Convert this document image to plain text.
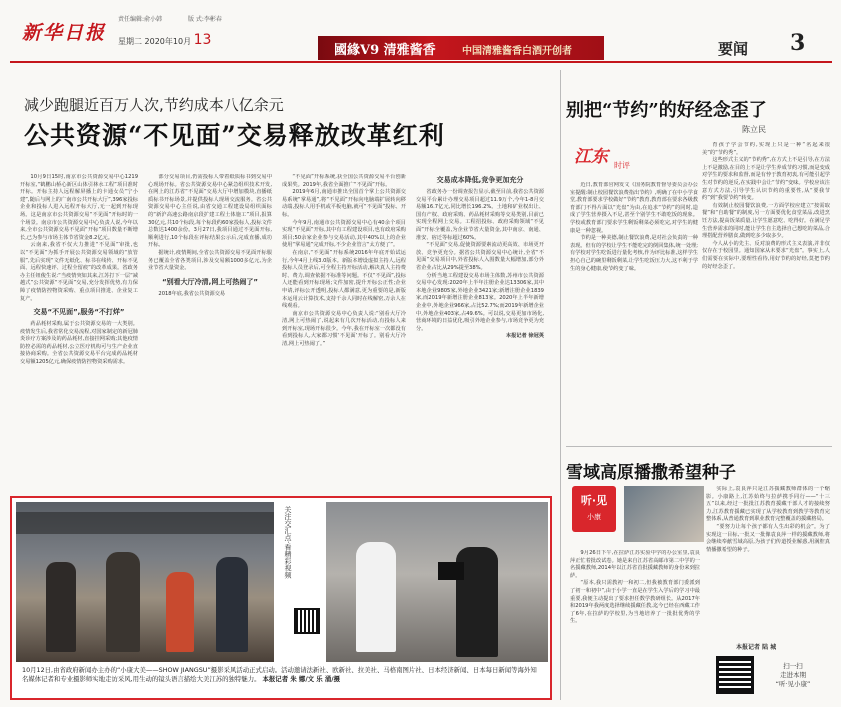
新华日报
责任编辑:俞小韩	版 式:李彬春
星期二 2020年10月 13
國緣V9 清雅酱香	中国清雅酱香白酒开创者	要闻 3
减少跑腿近百万人次,节约成本八亿余元
公共资源“不见面”交易释放改革红利

10月9日15时,南京市公共资源交易中心1219开标室,“鹤鹏山桥心新区山体引林水工程”项目准时开标。开标主持人远程解屏播上的卡通女员“宁小建”,随后与网上的广南市公共开标大厅”,396家投标企业和投标人进入远程开标大厅,无一起到开标现场。这是南京市公共资源交易“不见面”开标时的一个场景。南京市公共资源交易中心负责人说,今年以来,全市公共资源交易不见面“开标”项目数量不断增长,已为参与市场主体节省资金8.2亿元。

云南来,我省不仅大力推进“不见面”审批,也以“不见面”为抓手开展公共资源交易领域的“放管服”,先后实现“文件无纸化、标书在线传、开标不见面、远程快速评、过程全留痕”的改革成果。省政务办主任钮俊生说:“当疫情突如其来,江苏打下一层“减越式”公共资源“不见面”交易,充分发挥优势,有力保障了疫情防控物资采购、重点项目推进、企业复工复产。

交易“不见面”,服务“不打烊”

药品耗材采购,属于公共资源交易的一大类别。疫情发生后,我省常化交易流程,对国家制定的新冠肺炎诊疗方案涉及的药品耗材,直接挂网采购;其他疫情防控必需的药品耗材,公立医疗机构可与生产企业直接协商采购。全省公共资源交易平台完成药品耗材交易额1205亿元,确保疫情防控物资采购需求。

部分交易项目,仍需投标人带着纸质标书到交易中心现场开标。省公共资源交易中心紧急组织技术开发,在网上的江苏省“不见面”交易大厅中增加模块,直播纸质标书开标场景,并提供投标人现场交流服务。省公共资源交易中心主任说,由省交通工程建设局组织面标的“新沪高速公路南京段扩建工程土体施工”项目,报算30亿元,共10个标段,每个标段约60家投标人,投标文件总数达1400余份。3月27日,我项目通过不见面开标,顺利进行,10个标段在评标结果公示后,完成直播,成功开标。

据统计,疫情期间,全省公共资源交易不见面开标服务已覆盖全省各类项目,涉及交易额1000多亿元,为企业节省大量资金。

“别看大厅冷清,网上可热闹了”

2018年底,我省公共资源交易

“不见面”开标系统,获全国公共资源交易平台创新成果奖。2019年,我省全面推广“不见面”开标。

2019年6月,南通市推出全国首个掌上公共资源交易系统“掌易通”,将“不见面”开标向电脑端扩展转向移动端,投标人用手机或平板电脑,就可“不见面”投标、开标。

今年9月,南通市公共资源交易中心有40余个项目实现“不见面”开标,其中有工程建设项目,也有政府采购项目;50余家企业参与交易活动,其中40%以上的企业使用“掌易通”完成开标,不少企业管言“太方便了”。

在南京,“不见面”开标系统2016年年底开始试运行,今年4月上线3.0版本。新版本增设虚拟主持人,远程投标人员登录后,可全程主持开标活动,解决真人主持费时、费力,调查依据不标准等问题。不仅“不见面”,投标人还能看到开标现场;文件加密,提升开标公正性;企业申请,评标公开透明,投标人都满意,更为重要的是,新版本运用云计算技术,支持千余人同时在线解密,万余人在线观看。

南京市公共资源交易中心负责人说:“别看大厅冷清,网上可热闹了,说起来有几次开标活动,有投标人来到开标室,现场开标很少。今年,我在开标室一次都没有看到投标人,大家都习惯‘不见面’开标了。别看大厅冷清,网上可热闹了。”

交易成本降低,竞争更加充分

省政务办一份调查报告显示,截至目前,我省公共资源交易平台累计办理交易项目超过11.9万个,今年1-8月交易额16.7亿元,同比增长196.2%。土地和矿业权出让、国有产权、政府采购、药品耗材采购等交易类别,目前已实现全程网上交易。工程招投标、政府采购领域“不见面”开标全覆盖,为企业节省大量资金,其中南京、南通、淮安、宿迁等标超过60%。

“不见面”交易,促使资源要素流动更高效、市场更开放、竞争更充分。据省公共资源交易中心统计,全省“不见面”交易项目中,外省投标人入围数量大幅增加,部分外省企业占比从29%提至38%。

分析当地工程建设交易市场主体数,苏州市公共资源交易中心发现:2020年上半年注册企业达13306家,其中本地企业9805家,外地企业3421家;新增注册企业1839家,而2019年新增注册企业813家。2020年上半年新增企业中,外地企业966家,占比52.7%;而2019年新增企业中,外地企业403家,占49.6%。可以说,交易更加市场化,营商环境的日益优化,吸引外地企业参与,市场竞争更为充分。

本报记者 徐冠英
关注交汇点·看精彩视频
10月12日,由省政府新闻办主办的“小康大美——SHOW JIANGSU”摄影采风活动正式启动。活动邀请法新社、欧新社、拉美社、马格南图片社、日本经济新闻、日本每日新闻等海外知名媒体记者和专业摄影师实地走访采风,用生动的镜头语言描绘大美江苏的独特魅力。 本报记者 朱 娜/文 乐 涌/摄
别把“节约”的好经念歪了
陈立民
江东 时评

近日,教育部官网发文《国务院教育督导委员会办公室提醒:制止校园餐饮浪费指出节约》,明确了在中小学食堂,教育部要求学校做好“节约”教育,教育部在要求各级教育部门不得片面以“光盘”为由,在追求“节约”的同时,造成了学生营养摄入不足,甚至个别学生不敢吃饭的现象。学校或教育部门要求学生剩饭剩菜必须吃完,对学生的健康是一种忽视。

节约是一种美德,制止餐饮浪费,是对社会负责的一种表现。但有的学校让学生不能吃完的倒回集体,统一处理;有学校对学生吃饭进行量化考核,作为评比标准,这样学生担心自己的碗里剩饭剩菜,让学生吃饭压力大,这不利于学生的身心健康,使节约变了味。

育孩子学会节约,实现上只是一种“名起来很美”的“节约秀”。

这些形式主义的“节约秀”,在方式上不是引导,在方法上不是激励,在目的上不是让学生养成节约习惯,而是变成对学生的要求和监督,而是有悖于教育初衷,有可能引起学生对节约的逆反,在实践中会让“节约”变味。学校应该注意方式方法,引导学生认识节约的重要性,从“要我节约”到“我要节约”转变。

有效制止校园餐饮浪费,一方面学校应建立“按需取餐”和“自助餐”的制度,另一方面要优化食堂菜品,改进烹饪方法,提高饭菜质量,让学生愿意吃、吃得好。在满足学生营养需求的同时,能让学生自主选择自己想吃的菜品,合理搭配营养膳食,做到吃多少取多少。

今人从小的先主、反对浪费的形式主义表演,并非仅仅存在于校园里。通知国家从未要求“光盘”。事实上,人们需要在实际中,要理性看待,用好节约的好经,莫把节约的好经念歪了。

雪域高原播撒希望种子
听·见
小康

9月26日下午,在拉萨江苏实验中学的办公室里,袁良萍正忙着批改试卷。她是来自江苏省高邮市第二中学的一名援藏教师,2014年以江苏省首批援藏教师的身份来到拉萨。

“原本,我只需教初一和初二,但我被教育部门委派到了初一和初中”,由于小学一直是在学生入学后的学习中最重要,我便主动提出了要求担任数学教研组长。从2017年和2019年我两度选择继续援藏任教,迄今已经在西藏工作了6年,在拉萨的学校里,为当地培养了一批批优秀的学生。

实际上,袁良萍只是江苏援藏教师群体的一个缩影。小康路上,江苏始终与拉萨携手同行——“十三五”以来,经过一批批江苏教育援藏干部人才的接续努力,江苏教育援藏已实现了从学校教育到教学等教育完整体系,从普通教育到职业教育完整覆盖的援藏格局。

“要努力让每个孩子都有人生出彩的机会”。为了实现这一目标,一批又一批像袁良萍一样的援藏教师,将会继续奉献雪域高原,为孩子们传道授业解惑,用满腔真情播撒希望的种子。

本报记者 陆 城
扫一扫
走进本期
“听·见小康”
